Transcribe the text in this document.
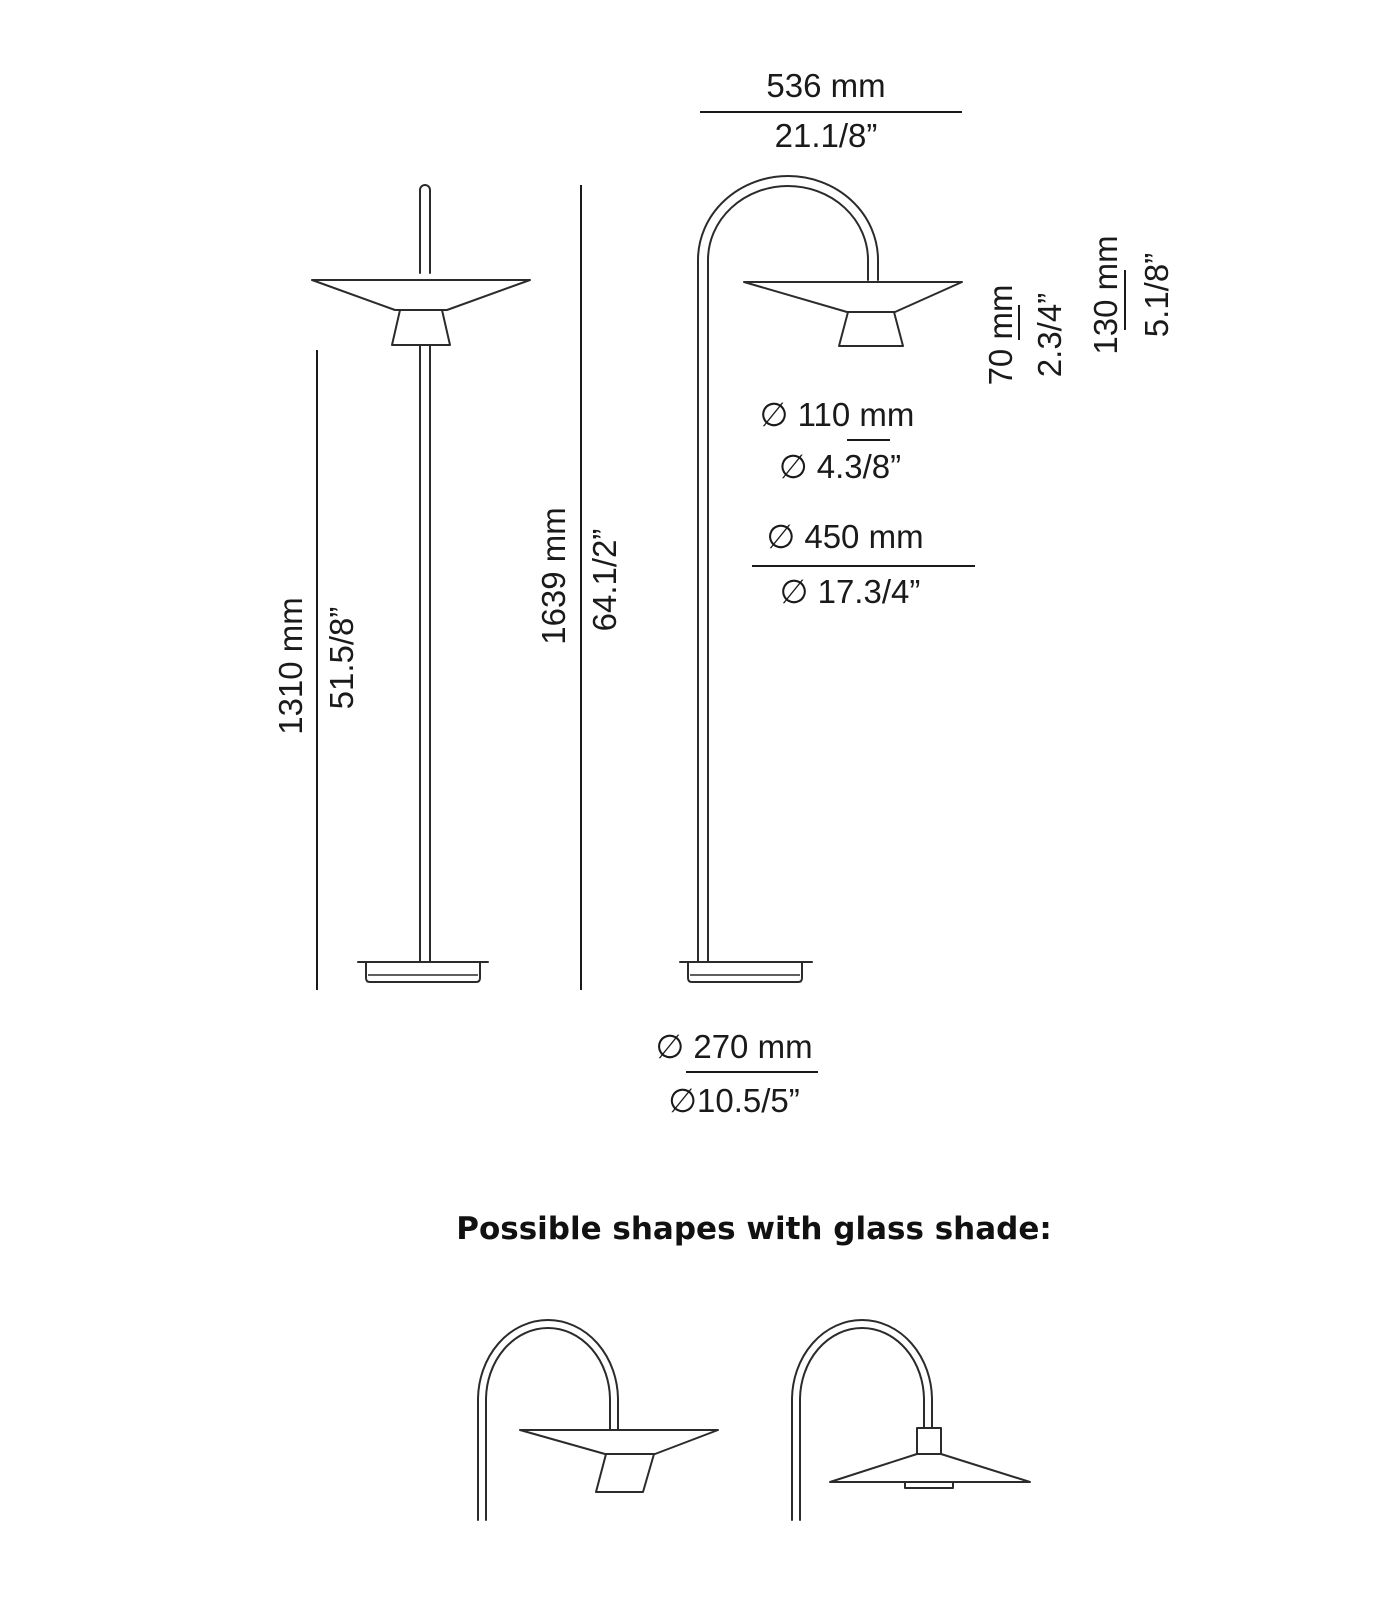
536 mm
21.1/8”
70 mm 2.3/4” 130 mm 5.1/8”
∅ 110 mm
∅ 4.3/8”
∅ 450 mm
∅ 17.3/4”
1310 mm 51.5/8”
1639 mm 64.1/2”
∅ 270 mm
∅10.5/5”
Possible shapes with glass shade:
